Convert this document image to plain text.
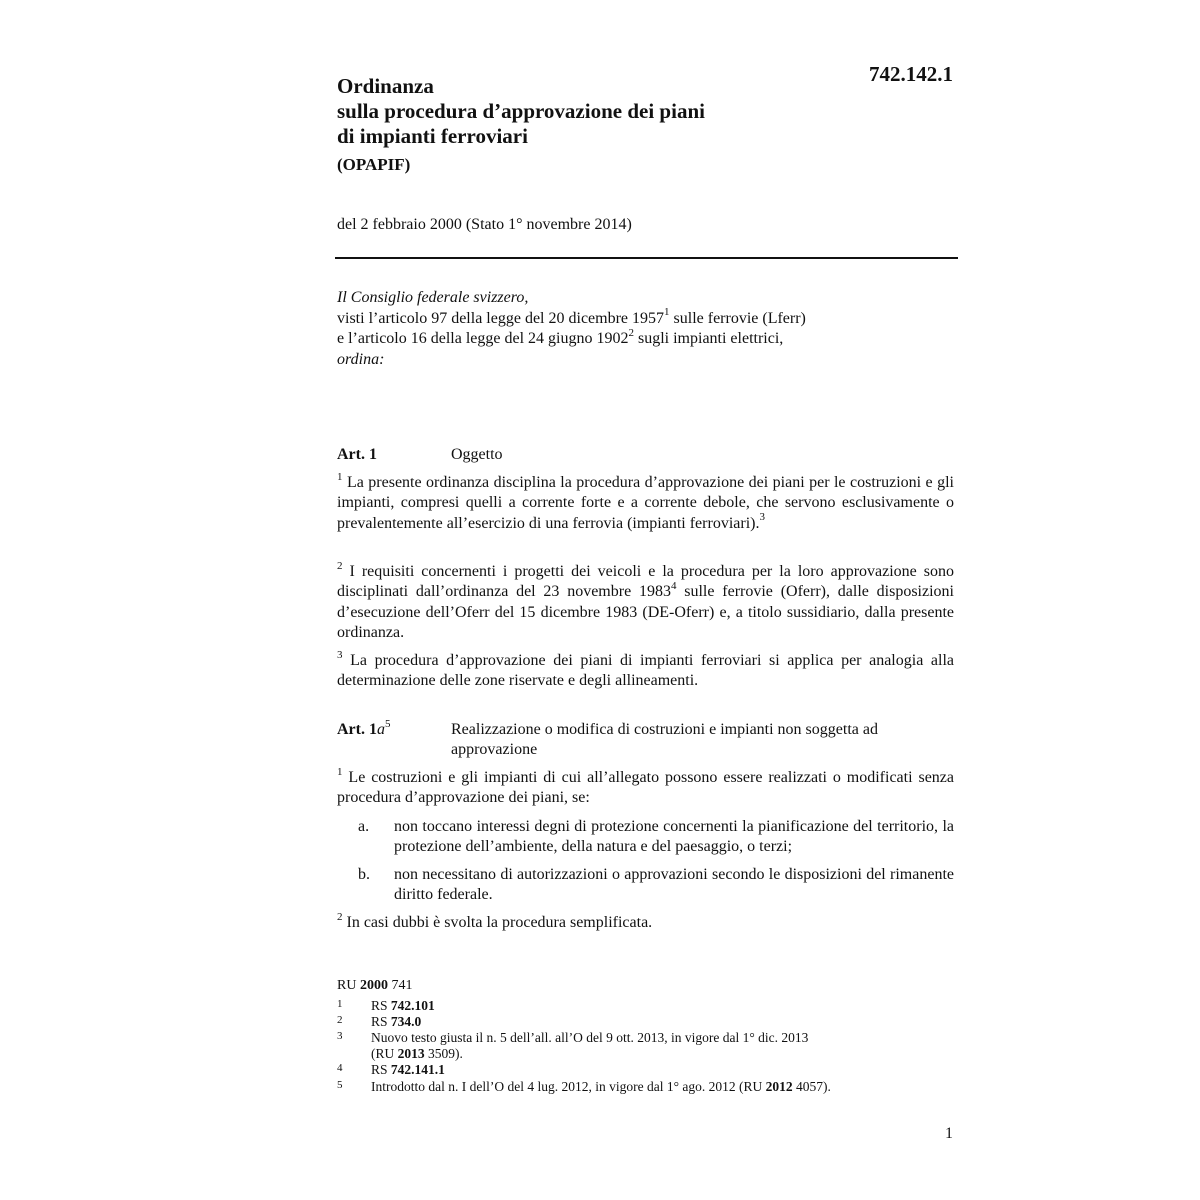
742.142.1
Ordinanza
sulla procedura d’approvazione dei piani
di impianti ferroviari
(OPAPIF)
del 2 febbraio 2000 (Stato 1° novembre 2014)
Il Consiglio federale svizzero,
visti l’articolo 97 della legge del 20 dicembre 1957$^1$ sulle ferrovie (Lferr)
e l’articolo 16 della legge del 24 giugno 1902$^2$ sugli impianti elettrici,
ordina:
Art. 1	Oggetto
$^1$ La presente ordinanza disciplina la procedura d’approvazione dei piani per le costruzioni e gli impianti, compresi quelli a corrente forte e a corrente debole, che servono esclusivamente o prevalentemente all’esercizio di una ferrovia (impianti ferroviari).$^3$
$^2$ I requisiti concernenti i progetti dei veicoli e la procedura per la loro approvazione sono disciplinati dall’ordinanza del 23 novembre 1983$^4$ sulle ferrovie (Oferr), dalle disposizioni d’esecuzione dell’Oferr del 15 dicembre 1983 (DE-Oferr) e, a titolo sussidiario, dalla presente ordinanza.
$^3$ La procedura d’approvazione dei piani di impianti ferroviari si applica per analogia alla determinazione delle zone riservate e degli allineamenti.
Art. $1a^5$	Realizzazione o modifica di costruzioni e impianti non soggetta ad approvazione
$^1$ Le costruzioni e gli impianti di cui all’allegato possono essere realizzati o modificati senza procedura d’approvazione dei piani, se:
a. non toccano interessi degni di protezione concernenti la pianificazione del territorio, la protezione dell’ambiente, della natura e del paesaggio, o terzi;
b. non necessitano di autorizzazioni o approvazioni secondo le disposizioni del rimanente diritto federale.
$^2$ In casi dubbi è svolta la procedura semplificata.
RU 2000 741
1 RS 742.101
2 RS 734.0
3 Nuovo testo giusta il n. 5 dell’all. all’O del 9 ott. 2013, in vigore dal 1° dic. 2013
(RU 2013 3509).
4 RS 742.141.1
5 Introdotto dal n. I dell’O del 4 lug. 2012, in vigore dal 1° ago. 2012 (RU 2012 4057).
1
